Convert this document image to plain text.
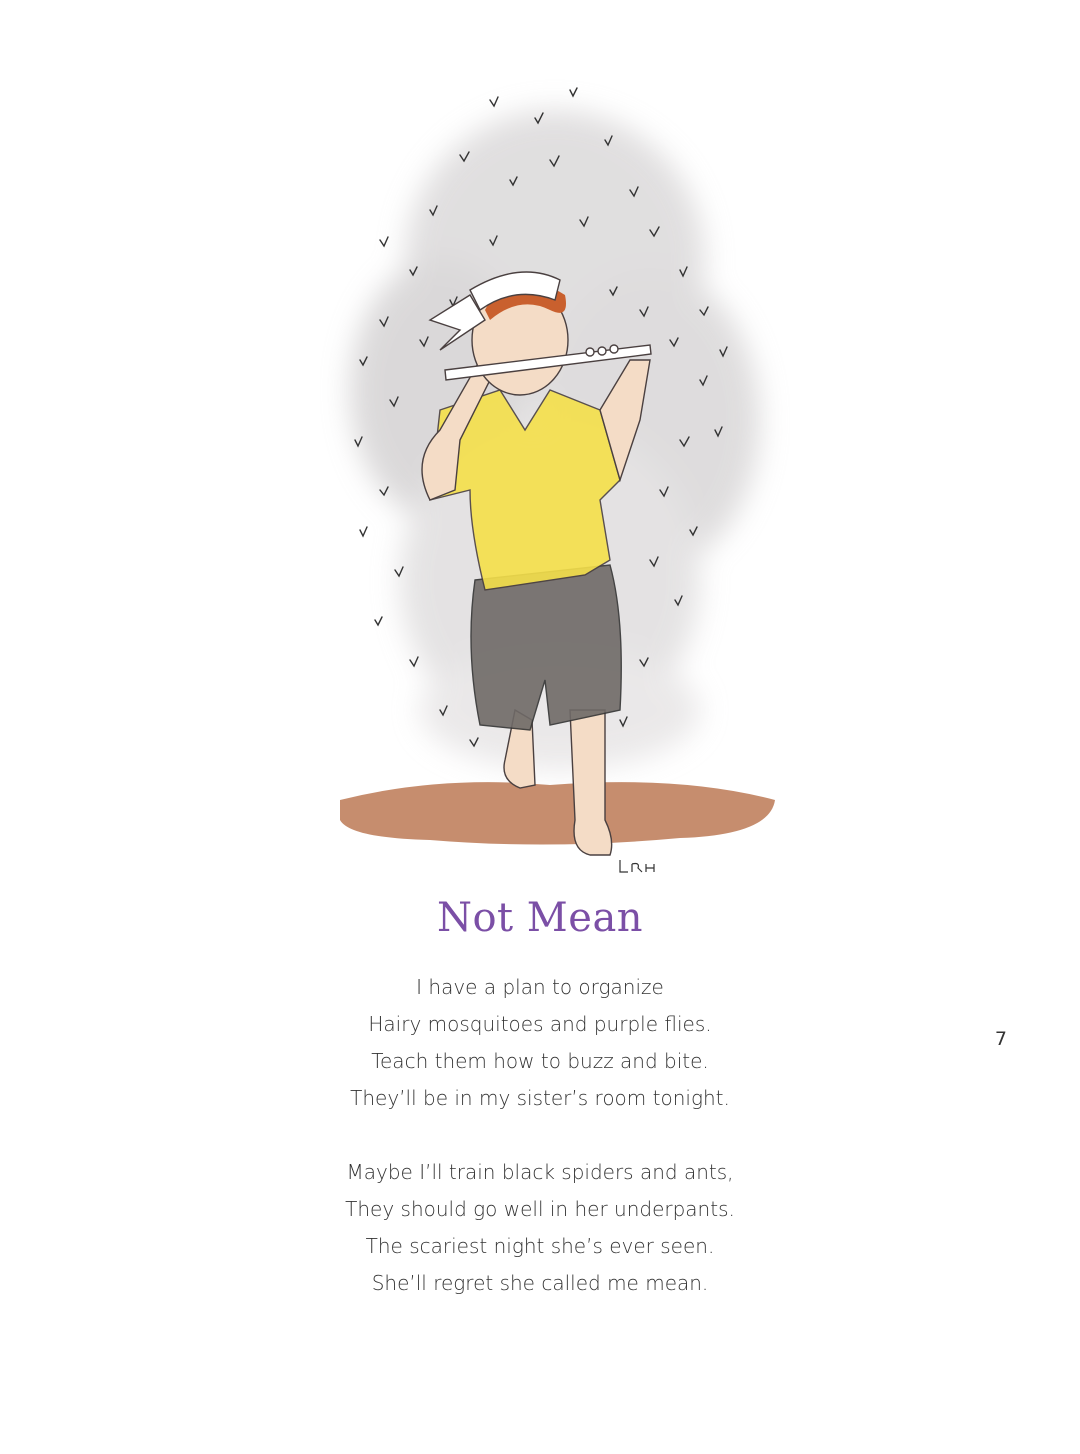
Not Mean
I have a plan to organize
Hairy mosquitoes and purple flies.
Teach them how to buzz and bite.
They’ll be in my sister’s room tonight.
Maybe I’ll train black spiders and ants,
They should go well in her underpants.
The scariest night she’s ever seen.
She’ll regret she called me mean.
7
